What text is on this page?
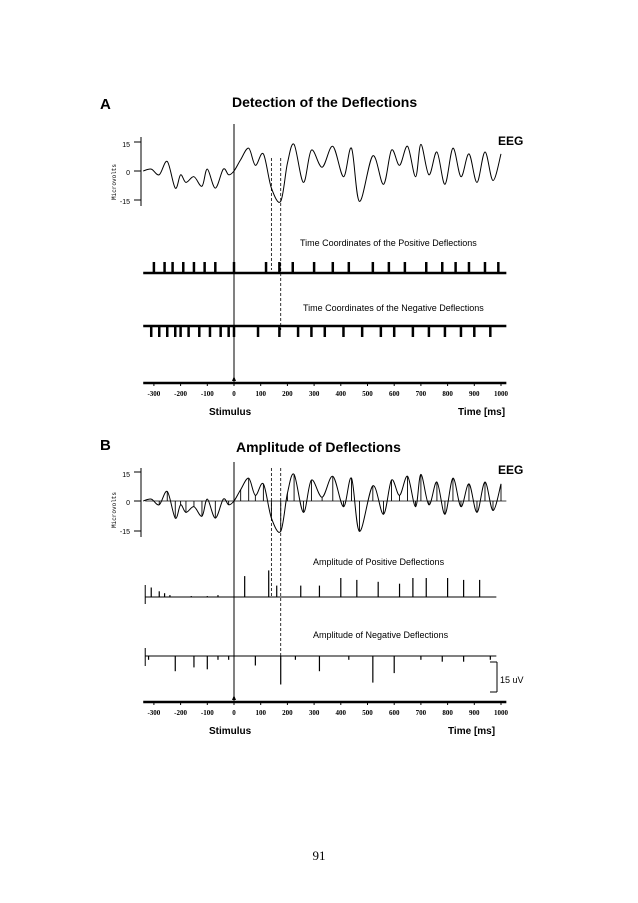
A	Detection of the Deflections
EEG
Microvolts
15
0
-15
Time Coordinates of the Positive Deflections
Time Coordinates of the Negative Deflections
-300 -200 -100	0	100 200 300 400 500 600 700 800 900 1000
Stimulus	Time [ms]
B	Amplitude of Deflections
EEG
Microvolts
15
0
-15
Amplitude of Positive Deflections
Amplitude of Negative Deflections
15 uV
-300 -200 -100	0	100 200 300 400 500 600 700 800 900 1000
Stimulus	Time [ms]
91
